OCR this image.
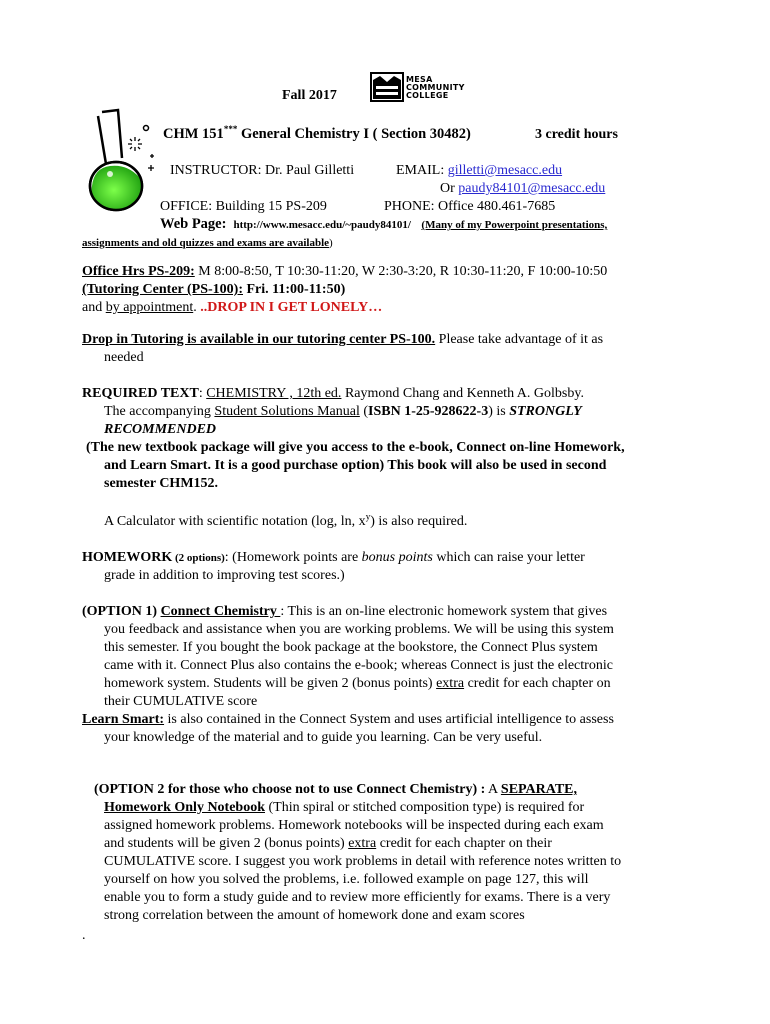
Fall 2017
MESA
COMMUNITY
COLLEGE
CHM 151*** General Chemistry I ( Section 30482)	3 credit hours
INSTRUCTOR: Dr. Paul Gilletti	EMAIL: gilletti@mesacc.edu
Or paudy84101@mesacc.edu
OFFICE: Building 15 PS-209	PHONE: Office 480.461-7685
Web Page: http://www.mesacc.edu/~paudy84101/ (Many of my Powerpoint presentations,
assignments and old quizzes and exams are available)
Office Hrs PS-209: M 8:00-8:50, T 10:30-11:20, W 2:30-3:20, R 10:30-11:20, F 10:00-10:50
(Tutoring Center (PS-100): Fri. 11:00-11:50)
and by appointment. ..DROP IN I GET LONELY…
Drop in Tutoring is available in our tutoring center PS-100. Please take advantage of it as
needed
REQUIRED TEXT: CHEMISTRY , 12th ed. Raymond Chang and Kenneth A. Golbsby.
The accompanying Student Solutions Manual (ISBN 1-25-928622-3) is STRONGLY
RECOMMENDED
(The new textbook package will give you access to the e-book, Connect on-line Homework,
and Learn Smart. It is a good purchase option) This book will also be used in second
semester CHM152.
A Calculator with scientific notation (log, ln, $x^y$) is also required.
HOMEWORK (2 options): (Homework points are bonus points which can raise your letter
grade in addition to improving test scores.)
(OPTION 1) Connect Chemistry : This is an on-line electronic homework system that gives
you feedback and assistance when you are working problems. We will be using this system
this semester. If you bought the book package at the bookstore, the Connect Plus system
came with it. Connect Plus also contains the e-book; whereas Connect is just the electronic
homework system. Students will be given 2 (bonus points) extra credit for each chapter on
their CUMULATIVE score
Learn Smart: is also contained in the Connect System and uses artificial intelligence to assess
your knowledge of the material and to guide you learning. Can be very useful.
(OPTION 2 for those who choose not to use Connect Chemistry) : A SEPARATE,
Homework Only Notebook (Thin spiral or stitched composition type) is required for
assigned homework problems. Homework notebooks will be inspected during each exam
and students will be given 2 (bonus points) extra credit for each chapter on their
CUMULATIVE score. I suggest you work problems in detail with reference notes written to
yourself on how you solved the problems, i.e. followed example on page 127, this will
enable you to form a study guide and to review more efficiently for exams. There is a very
strong correlation between the amount of homework done and exam scores
.
